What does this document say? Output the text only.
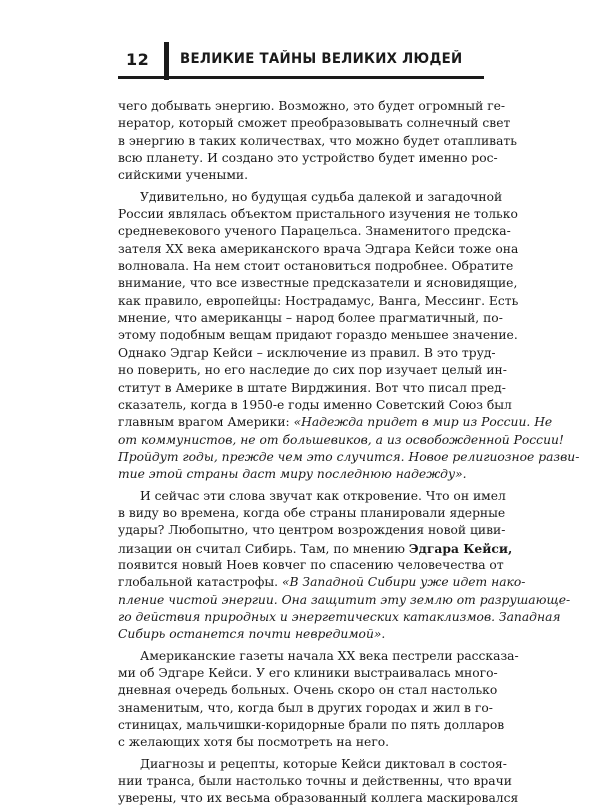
12 ВЕЛИКИЕ ТАЙНЫ ВЕЛИКИХ ЛЮДЕЙ
чего добывать энергию. Возможно, это будет огромный ге-
нератор, который сможет преобразовывать солнечный свет
в энергию в таких количествах, что можно будет отапливать
всю планету. И создано это устройство будет именно рос-
сийскими учеными.
Удивительно, но будущая судьба далекой и загадочной
России являлась объектом пристального изучения не только
средневекового ученого Парацельса. Знаменитого предска-
зателя XX века американского врача Эдгара Кейси тоже она
волновала. На нем стоит остановиться подробнее. Обратите
внимание, что все известные предсказатели и ясновидящие,
как правило, европейцы: Нострадамус, Ванга, Мессинг. Есть
мнение, что американцы – народ более прагматичный, по-
этому подобным вещам придают гораздо меньшее значение.
Однако Эдгар Кейси – исключение из правил. В это труд-
но поверить, но его наследие до сих пор изучает целый ин-
ститут в Америке в штате Вирджиния. Вот что писал пред-
сказатель, когда в 1950-е годы именно Советский Союз был
главным врагом Америки: «Надежда придет в мир из России. Не
от коммунистов, не от большевиков, а из освобожденной России!
Пройдут годы, прежде чем это случится. Новое религиозное разви-
тие этой страны даст миру последнюю надежду».
И сейчас эти слова звучат как откровение. Что он имел
в виду во времена, когда обе страны планировали ядерные
удары? Любопытно, что центром возрождения новой циви-
лизации он считал Сибирь. Там, по мнению Эдгара Кейси,
появится новый Ноев ковчег по спасению человечества от
глобальной катастрофы. «В Западной Сибири уже идет нако-
пление чистой энергии. Она защитит эту землю от разрушающе-
го действия природных и энергетических катаклизмов. Западная
Сибирь останется почти невредимой».
Американские газеты начала XX века пестрели рассказа-
ми об Эдгаре Кейси. У его клиники выстраивалась много-
дневная очередь больных. Очень скоро он стал настолько
знаменитым, что, когда был в других городах и жил в го-
стиницах, мальчишки-коридорные брали по пять долларов
с желающих хотя бы посмотреть на него.
Диагнозы и рецепты, которые Кейси диктовал в состоя-
нии транса, были настолько точны и действенны, что врачи
уверены, что их весьма образованный коллега маскировался
